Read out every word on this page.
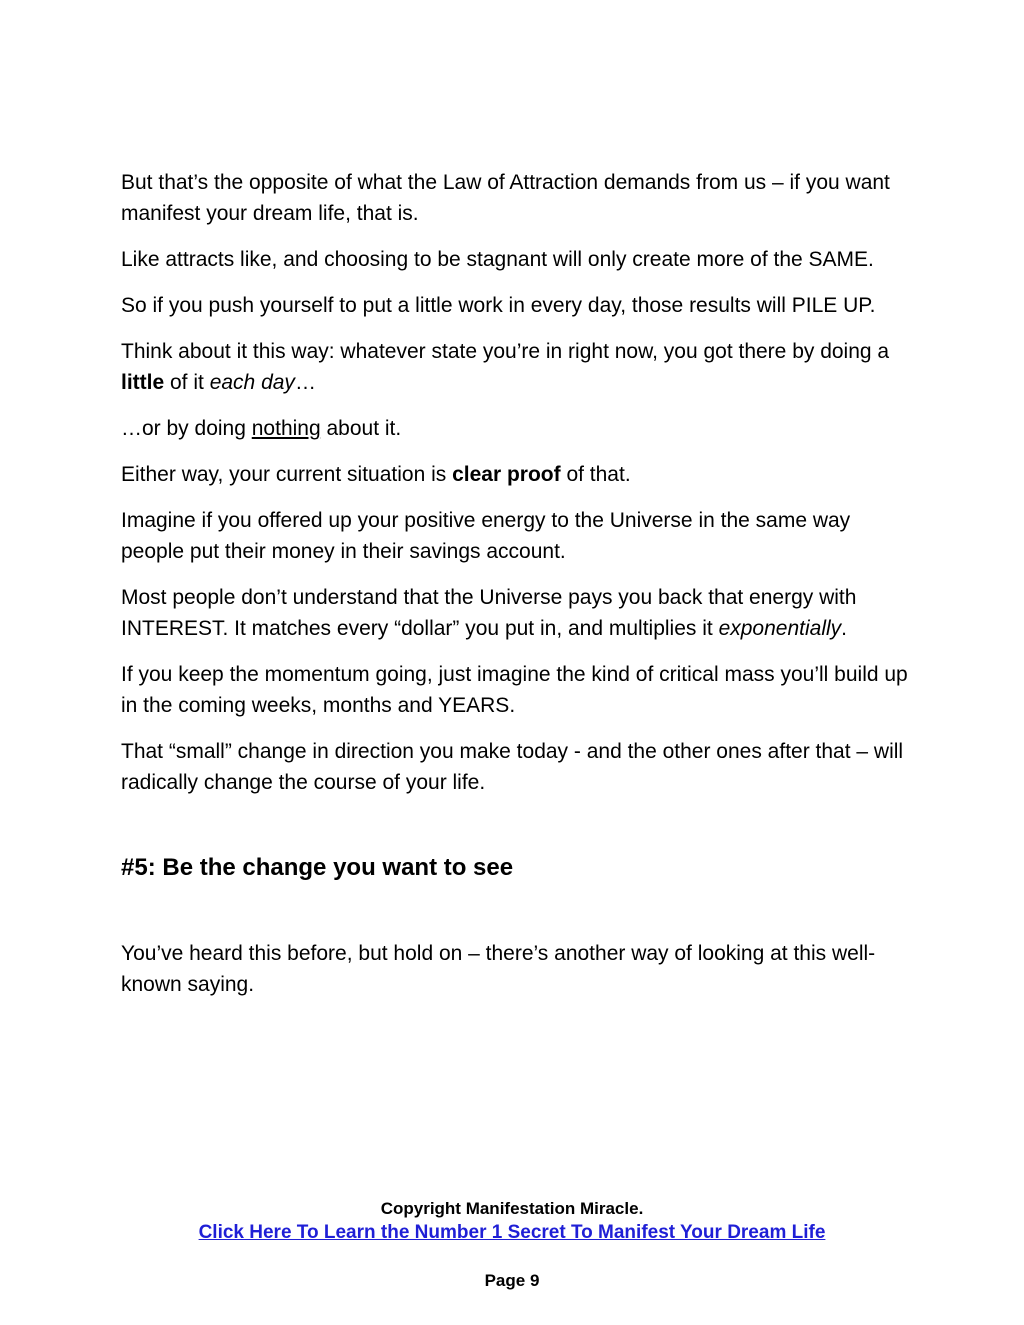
But that’s the opposite of what the Law of Attraction demands from us – if you want manifest your dream life, that is.

Like attracts like, and choosing to be stagnant will only create more of the SAME.

So if you push yourself to put a little work in every day, those results will PILE UP.

Think about it this way: whatever state you’re in right now, you got there by doing a little of it each day…

…or by doing nothing about it.

Either way, your current situation is clear proof of that.

Imagine if you offered up your positive energy to the Universe in the same way people put their money in their savings account.

Most people don’t understand that the Universe pays you back that energy with INTEREST. It matches every “dollar” you put in, and multiplies it exponentially.

If you keep the momentum going, just imagine the kind of critical mass you’ll build up in the coming weeks, months and YEARS.

That “small” change in direction you make today - and the other ones after that – will radically change the course of your life.

#5: Be the change you want to see

You’ve heard this before, but hold on – there’s another way of looking at this well-known saying.

Copyright Manifestation Miracle.

Click Here To Learn the Number 1 Secret To Manifest Your Dream Life
Page 9
